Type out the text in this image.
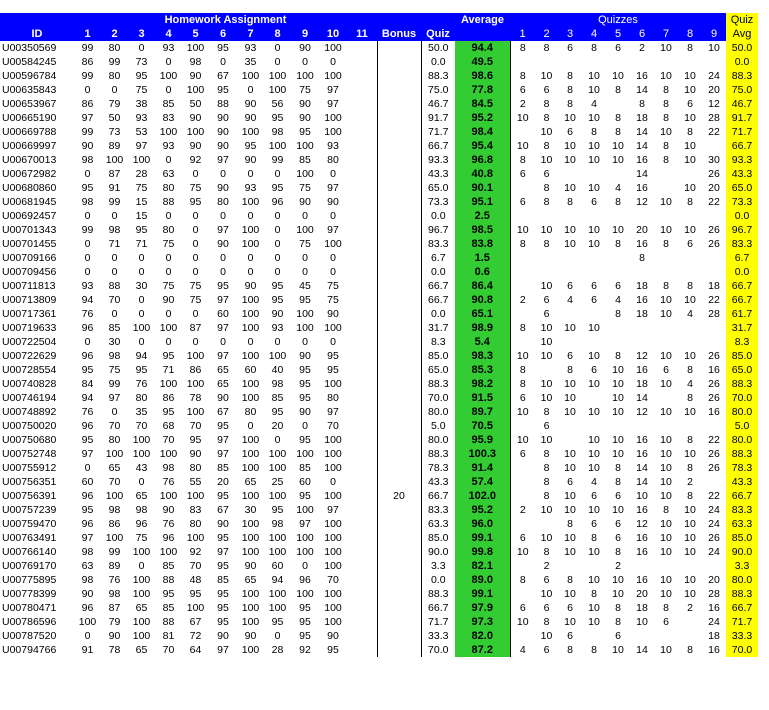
	Homework Assignment													Average	Quizzes									Quiz
ID	1	2	3	4	5	6	7	8	9	10	11	Bonus	Quiz		1	2	3	4	5	6	7	8	9	Avg
U00350569	99	80	0	93	100	95	93	0	90	100			50.0	94.4	8	8	6	8	6	2	10	8	10	50.0
U00584245	86	99	73	0	98	0	35	0	0	0			0.0	49.5										0.0
U00596784	99	80	95	100	90	67	100	100	100	100			88.3	98.6	8	10	8	10	10	16	10	10	24	88.3
U00635843	0	0	75	0	100	95	0	100	75	97			75.0	77.8	6	6	8	10	8	14	8	10	20	75.0
U00653967	86	79	38	85	50	88	90	56	90	97			46.7	84.5	2	8	8	4		8	8	6	12	46.7
U00665190	97	50	93	83	90	90	90	95	90	100			91.7	95.2	10	8	10	10	8	18	8	10	28	91.7
U00669788	99	73	53	100	100	90	100	98	95	100			71.7	98.4		10	6	8	8	14	10	8	22	71.7
U00669997	90	89	97	93	90	90	95	100	100	93			66.7	95.4	10	8	10	10	10	14	8	10		66.7
U00670013	98	100	100	0	92	97	90	99	85	80			93.3	96.8	8	10	10	10	10	16	8	10	30	93.3
U00672982	0	87	28	63	0	0	0	0	100	0			43.3	40.8	6	6				14			26	43.3
U00680860	95	91	75	80	75	90	93	95	75	97			65.0	90.1		8	10	10	4	16		10	20	65.0
U00681945	98	99	15	88	95	80	100	96	90	90			73.3	95.1	6	8	8	6	8	12	10	8	22	73.3
U00692457	0	0	15	0	0	0	0	0	0	0			0.0	2.5										0.0
U00701343	99	98	95	80	0	97	100	0	100	97			96.7	98.5	10	10	10	10	10	20	10	10	26	96.7
U00701455	0	71	71	75	0	90	100	0	75	100			83.3	83.8	8	8	10	10	8	16	8	6	26	83.3
U00709166	0	0	0	0	0	0	0	0	0	0			6.7	1.5						8				6.7
U00709456	0	0	0	0	0	0	0	0	0	0			0.0	0.6										0.0
U00711813	93	88	30	75	75	95	90	95	45	75			66.7	86.4		10	6	6	6	18	8	8	18	66.7
U00713809	94	70	0	90	75	97	100	95	95	75			66.7	90.8	2	6	4	6	4	16	10	10	22	66.7
U00717361	76	0	0	0	0	60	100	90	100	90			0.0	65.1		6			8	18	10	4	28	61.7
U00719633	96	85	100	100	87	97	100	93	100	100			31.7	98.9	8	10	10	10						31.7
U00722504	0	30	0	0	0	0	0	0	0	0			8.3	5.4		10								8.3
U00722629	96	98	94	95	100	97	100	100	90	95			85.0	98.3	10	10	6	10	8	12	10	10	26	85.0
U00728554	95	75	95	71	86	65	60	40	95	95			65.0	85.3	8		8	6	10	16	6	8	16	65.0
U00740828	84	99	76	100	100	65	100	98	95	100			88.3	98.2	8	10	10	10	10	18	10	4	26	88.3
U00746194	94	97	80	86	78	90	100	85	95	80			70.0	91.5	6	10	10		10	14		8	26	70.0
U00748892	76	0	35	95	100	67	80	95	90	97			80.0	89.7	10	8	10	10	10	12	10	10	16	80.0
U00750020	96	70	70	68	70	95	0	20	0	70			5.0	70.5		6								5.0
U00750680	95	80	100	70	95	97	100	0	95	100			80.0	95.9	10	10		10	10	16	10	8	22	80.0
U00752748	97	100	100	100	90	97	100	100	100	100			88.3	100.3	6	8	10	10	10	16	10	10	26	88.3
U00755912	0	65	43	98	80	85	100	100	85	100			78.3	91.4		8	10	10	8	14	10	8	26	78.3
U00756351	60	70	0	76	55	20	65	25	60	0			43.3	57.4		8	6	4	8	14	10	2		43.3
U00756391	96	100	65	100	100	95	100	100	95	100		20	66.7	102.0		8	10	6	6	10	10	8	22	66.7
U00757239	95	98	98	90	83	67	30	95	100	97			83.3	95.2	2	10	10	10	10	16	8	10	24	83.3
U00759470	96	86	96	76	80	90	100	98	97	100			63.3	96.0			8	6	6	12	10	10	24	63.3
U00763491	97	100	75	96	100	95	100	100	100	100			85.0	99.1	6	10	10	8	6	16	10	10	26	85.0
U00766140	98	99	100	100	92	97	100	100	100	100			90.0	99.8	10	8	10	10	8	16	10	10	24	90.0
U00769170	63	89	0	85	70	95	90	60	0	100			3.3	82.1		2			2					3.3
U00775895	98	76	100	88	48	85	65	94	96	70			0.0	89.0	8	6	8	10	10	16	10	10	20	80.0
U00778399	90	98	100	95	95	95	100	100	100	100			88.3	99.1		10	10	8	10	20	10	10	28	88.3
U00780471	96	87	65	85	100	95	100	100	95	100			66.7	97.9	6	6	6	10	8	18	8	2	16	66.7
U00786596	100	79	100	88	67	95	100	95	95	100			71.7	97.3	10	8	10	10	8	10	6		24	71.7
U00787520	0	90	100	81	72	90	90	0	95	90			33.3	82.0		10	6		6				18	33.3
U00794766	91	78	65	70	64	97	100	28	92	95			70.0	87.2	4	6	8	8	10	14	10	8	16	70.0
